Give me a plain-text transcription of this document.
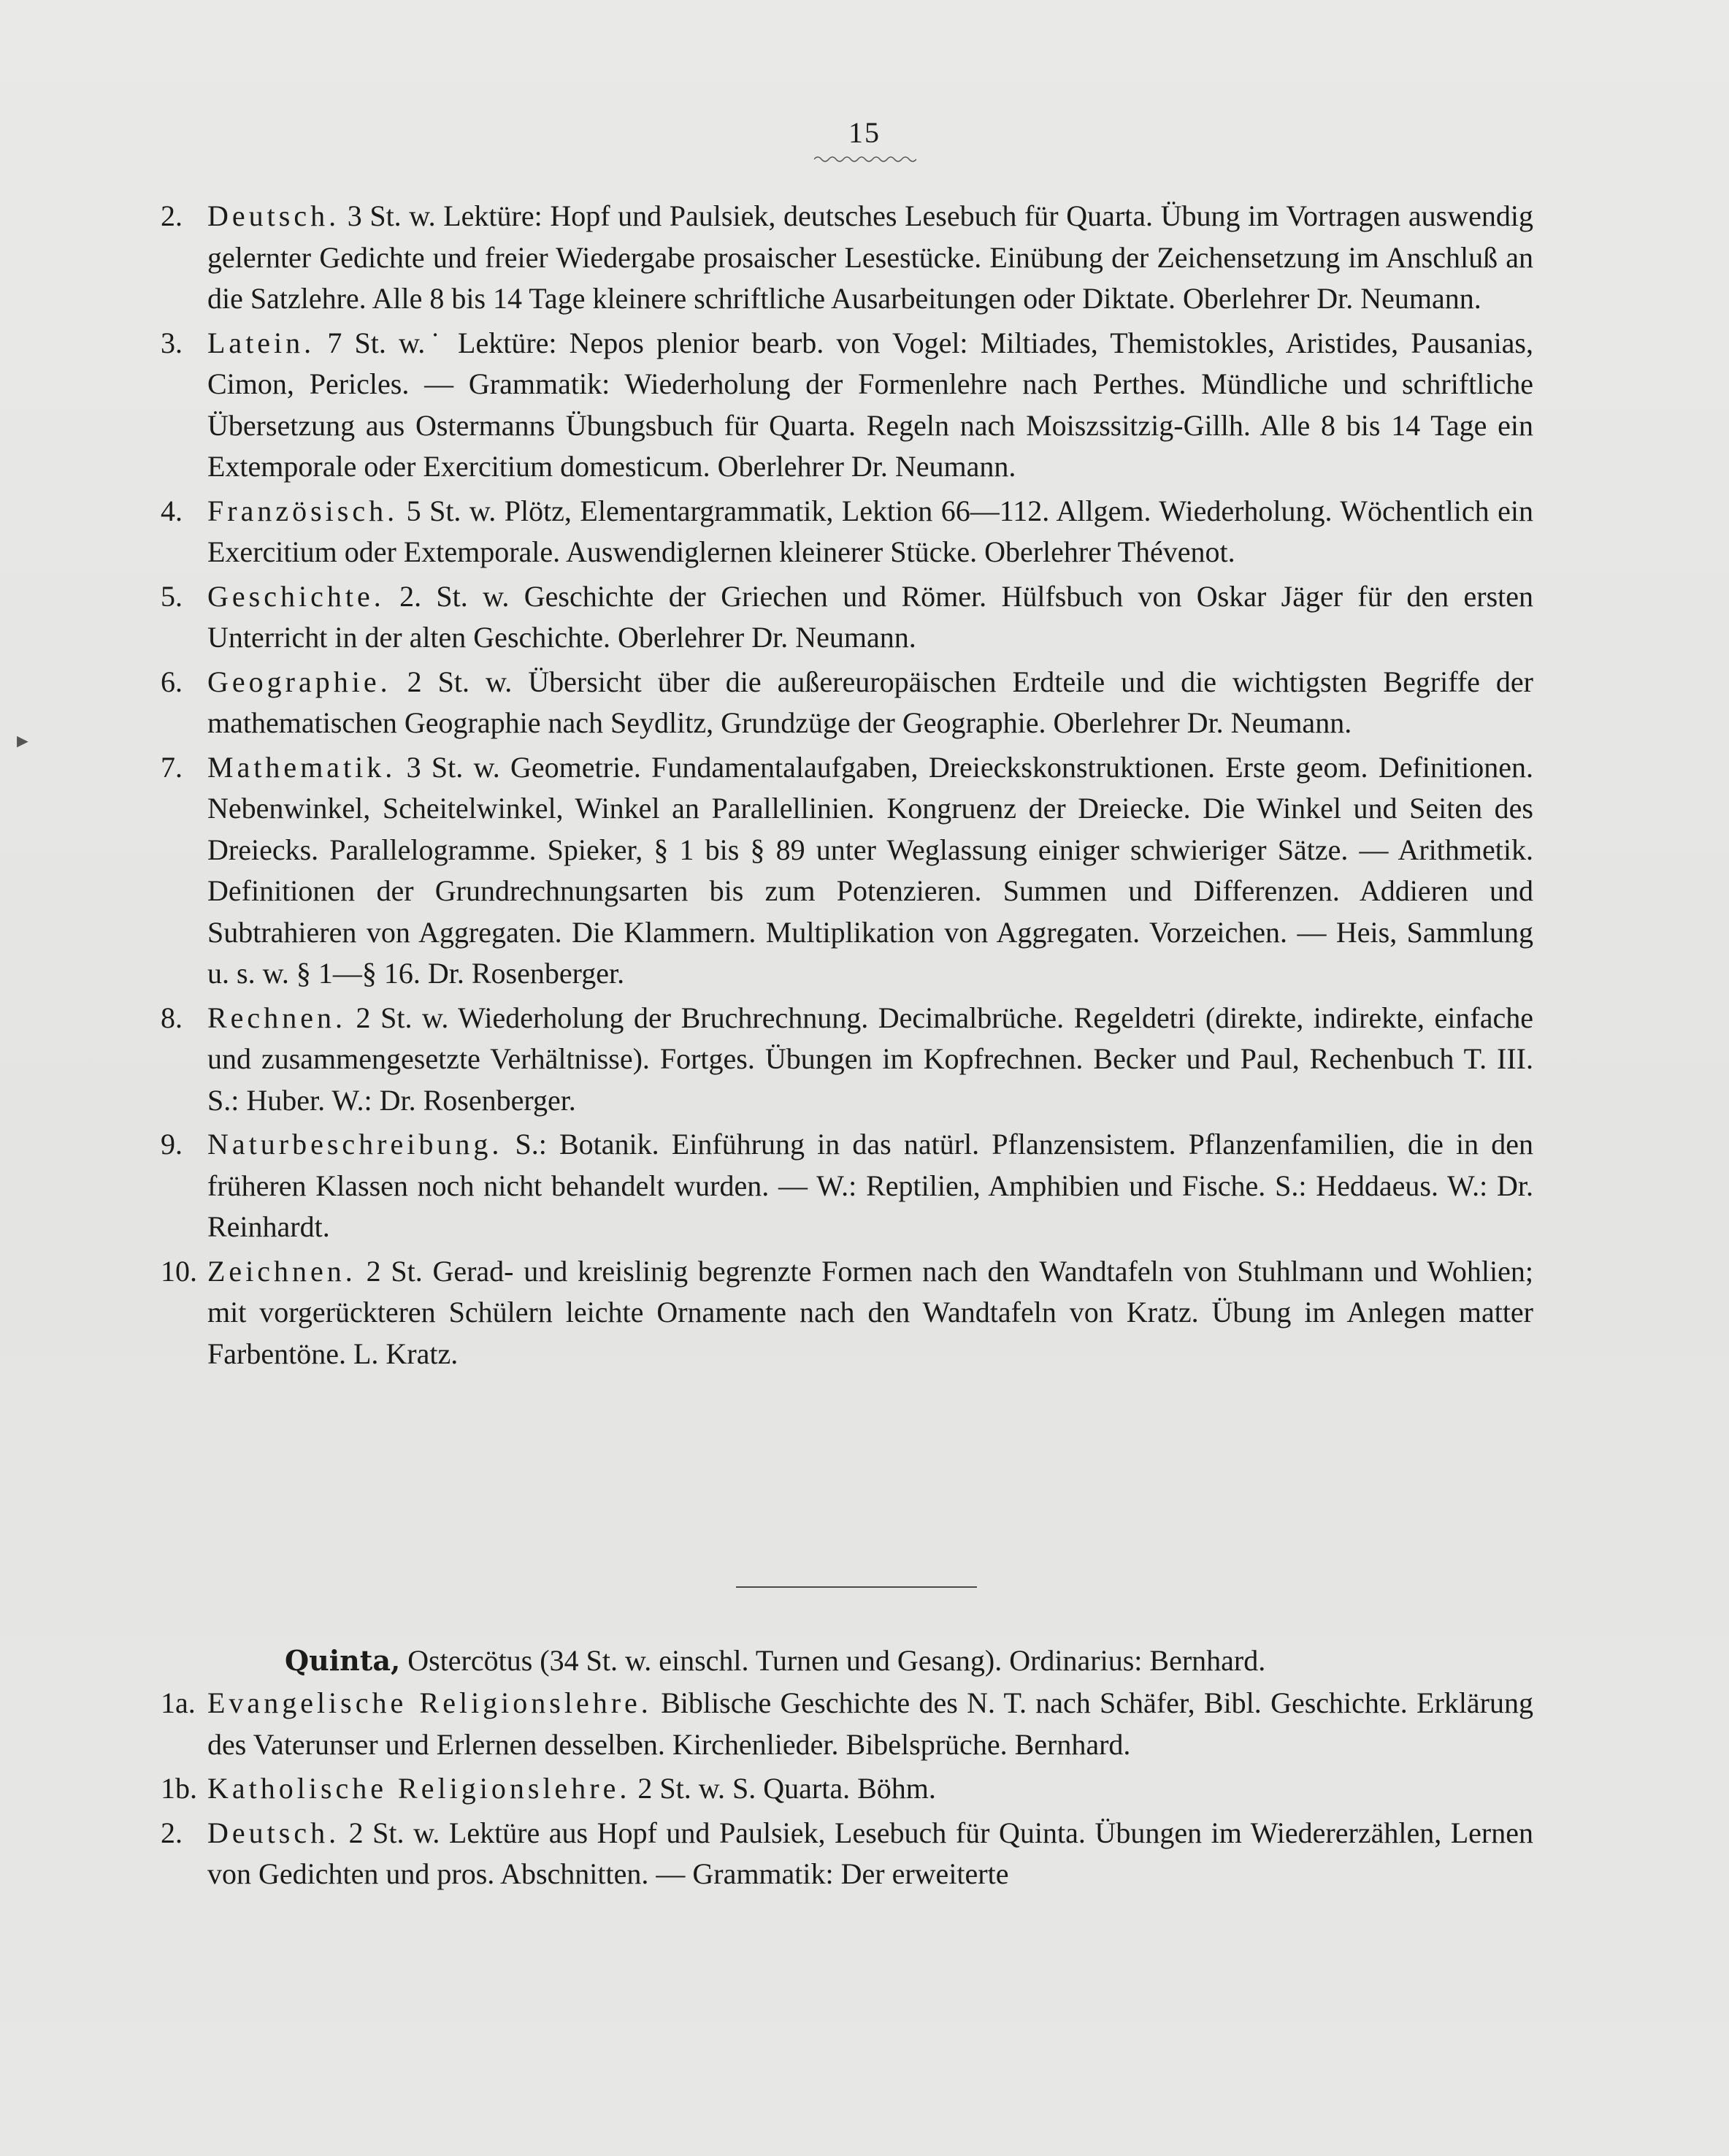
15
2. Deutsch. 3 St. w. Lektüre: Hopf und Paulsiek, deutsches Lesebuch für Quarta. Übung im Vortragen auswendig gelernter Gedichte und freier Wiedergabe prosaischer Lesestücke. Einübung der Zeichensetzung im Anschluß an die Satzlehre. Alle 8 bis 14 Tage kleinere schriftliche Ausarbeitungen oder Diktate. Oberlehrer Dr. Neumann.
3. Latein. 7 St. w.˙ Lektüre: Nepos plenior bearb. von Vogel: Miltiades, Themistokles, Aristides, Pausanias, Cimon, Pericles. — Grammatik: Wiederholung der Formenlehre nach Perthes. Mündliche und schriftliche Übersetzung aus Ostermanns Übungsbuch für Quarta. Regeln nach Moiszssitzig-Gillh. Alle 8 bis 14 Tage ein Extemporale oder Exercitium domesticum. Oberlehrer Dr. Neumann.
4. Französisch. 5 St. w. Plötz, Elementargrammatik, Lektion 66—112. Allgem. Wiederholung. Wöchentlich ein Exercitium oder Extemporale. Auswendiglernen kleinerer Stücke. Oberlehrer Thévenot.
5. Geschichte. 2. St. w. Geschichte der Griechen und Römer. Hülfsbuch von Oskar Jäger für den ersten Unterricht in der alten Geschichte. Oberlehrer Dr. Neumann.
6. Geographie. 2 St. w. Übersicht über die außereuropäischen Erdteile und die wichtigsten Begriffe der mathematischen Geographie nach Seydlitz, Grundzüge der Geographie. Oberlehrer Dr. Neumann.
7. Mathematik. 3 St. w. Geometrie. Fundamentalaufgaben, Dreieckskonstruktionen. Erste geom. Definitionen. Nebenwinkel, Scheitelwinkel, Winkel an Parallellinien. Kongruenz der Dreiecke. Die Winkel und Seiten des Dreiecks. Parallelogramme. Spieker, § 1 bis § 89 unter Weglassung einiger schwieriger Sätze. — Arithmetik. Definitionen der Grundrechnungsarten bis zum Potenzieren. Summen und Differenzen. Addieren und Subtrahieren von Aggregaten. Die Klammern. Multiplikation von Aggregaten. Vorzeichen. — Heis, Sammlung u. s. w. § 1—§ 16. Dr. Rosenberger.
8. Rechnen. 2 St. w. Wiederholung der Bruchrechnung. Decimalbrüche. Regeldetri (direkte, indirekte, einfache und zusammengesetzte Verhältnisse). Fortges. Übungen im Kopfrechnen. Becker und Paul, Rechenbuch T. III. S.: Huber. W.: Dr. Rosenberger.
9. Naturbeschreibung. S.: Botanik. Einführung in das natürl. Pflanzensistem. Pflanzenfamilien, die in den früheren Klassen noch nicht behandelt wurden. — W.: Reptilien, Amphibien und Fische. S.: Heddaeus. W.: Dr. Reinhardt.
10. Zeichnen. 2 St. Gerad- und kreislinig begrenzte Formen nach den Wandtafeln von Stuhlmann und Wohlien; mit vorgerückteren Schülern leichte Ornamente nach den Wandtafeln von Kratz. Übung im Anlegen matter Farbentöne. L. Kratz.
Quinta, Ostercötus (34 St. w. einschl. Turnen und Gesang). Ordinarius: Bernhard.
1a. Evangelische Religionslehre. Biblische Geschichte des N. T. nach Schäfer, Bibl. Geschichte. Erklärung des Vaterunser und Erlernen desselben. Kirchenlieder. Bibelsprüche. Bernhard.
1b. Katholische Religionslehre. 2 St. w. S. Quarta. Böhm.
2. Deutsch. 2 St. w. Lektüre aus Hopf und Paulsiek, Lesebuch für Quinta. Übungen im Wiedererzählen, Lernen von Gedichten und pros. Abschnitten. — Grammatik: Der erweiterte
►
